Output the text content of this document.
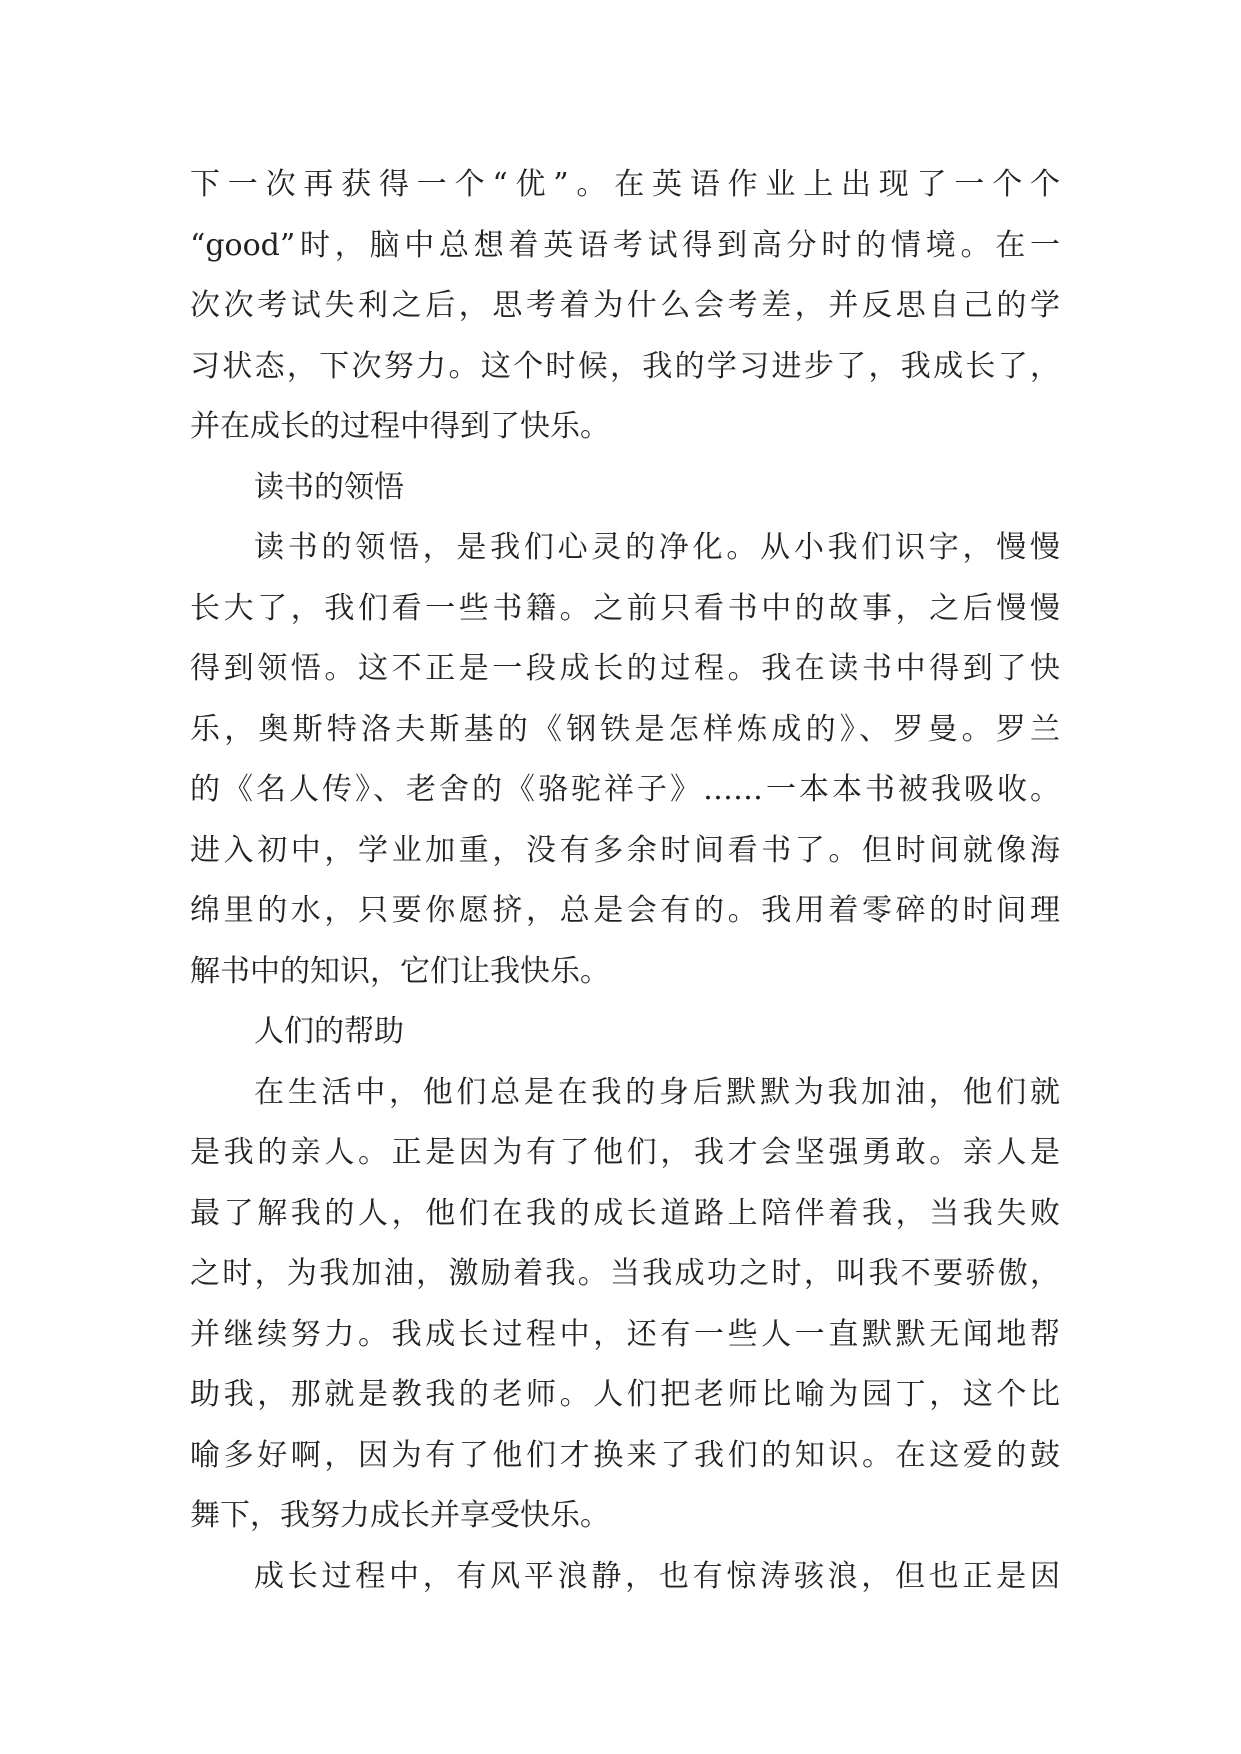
下一次再获得一个“优”。在英语作业上出现了一个个
“good”时，脑中总想着英语考试得到高分时的情境。在一
次次考试失利之后，思考着为什么会考差，并反思自己的学
习状态，下次努力。这个时候，我的学习进步了，我成长了，
并在成长的过程中得到了快乐。
读书的领悟
读书的领悟，是我们心灵的净化。从小我们识字，慢慢
长大了，我们看一些书籍。之前只看书中的故事，之后慢慢
得到领悟。这不正是一段成长的过程。我在读书中得到了快
乐，奥斯特洛夫斯基的《钢铁是怎样炼成的》、罗曼。罗兰
的《名人传》、老舍的《骆驼祥子》……一本本书被我吸收。
进入初中，学业加重，没有多余时间看书了。但时间就像海
绵里的水，只要你愿挤，总是会有的。我用着零碎的时间理
解书中的知识，它们让我快乐。
人们的帮助
在生活中，他们总是在我的身后默默为我加油，他们就
是我的亲人。正是因为有了他们，我才会坚强勇敢。亲人是
最了解我的人，他们在我的成长道路上陪伴着我，当我失败
之时，为我加油，激励着我。当我成功之时，叫我不要骄傲，
并继续努力。我成长过程中，还有一些人一直默默无闻地帮
助我，那就是教我的老师。人们把老师比喻为园丁，这个比
喻多好啊，因为有了他们才换来了我们的知识。在这爱的鼓
舞下，我努力成长并享受快乐。
成长过程中，有风平浪静，也有惊涛骇浪，但也正是因
